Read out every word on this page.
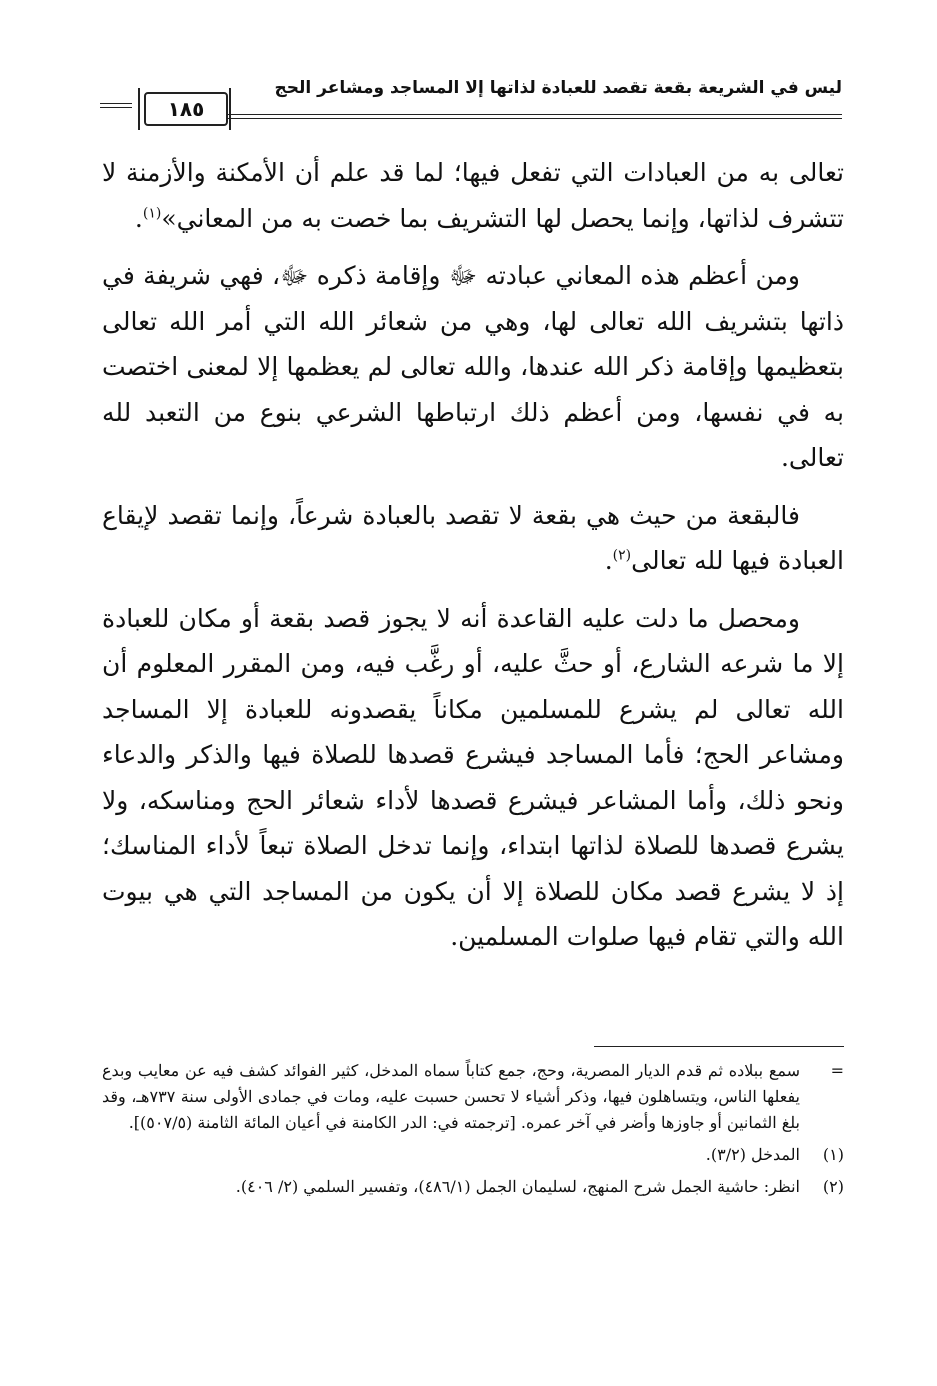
ليس في الشريعة بقعة تقصد للعبادة لذاتها إلا المساجد ومشاعر الحج
١٨٥

تعالى به من العبادات التي تفعل فيها؛ لما قد علم أن الأمكنة والأزمنة لا تتشرف لذاتها، وإنما يحصل لها التشريف بما خصت به من المعاني»$^{(١)}$.

ومن أعظم هذه المعاني عبادته ﷻ وإقامة ذكره ﷻ، فهي شريفة في ذاتها بتشريف الله تعالى لها، وهي من شعائر الله التي أمر الله تعالى بتعظيمها وإقامة ذكر الله عندها، والله تعالى لم يعظمها إلا لمعنى اختصت به في نفسها، ومن أعظم ذلك ارتباطها الشرعي بنوع من التعبد لله تعالى.

فالبقعة من حيث هي بقعة لا تقصد بالعبادة شرعاً، وإنما تقصد لإيقاع العبادة فيها لله تعالى$^{(٢)}$.

ومحصل ما دلت عليه القاعدة أنه لا يجوز قصد بقعة أو مكان للعبادة إلا ما شرعه الشارع، أو حثَّ عليه، أو رغَّب فيه، ومن المقرر المعلوم أن الله تعالى لم يشرع للمسلمين مكاناً يقصدونه للعبادة إلا المساجد ومشاعر الحج؛ فأما المساجد فيشرع قصدها للصلاة فيها والذكر والدعاء ونحو ذلك، وأما المشاعر فيشرع قصدها لأداء شعائر الحج ومناسكه، ولا يشرع قصدها للصلاة لذاتها ابتداء، وإنما تدخل الصلاة تبعاً لأداء المناسك؛ إذ لا يشرع قصد مكان للصلاة إلا أن يكون من المساجد التي هي بيوت الله والتي تقام فيها صلوات المسلمين.

=
سمع ببلاده ثم قدم الديار المصرية، وحج، جمع كتاباً سماه المدخل، كثير الفوائد كشف فيه عن معايب وبدع يفعلها الناس، ويتساهلون فيها، وذكر أشياء لا تحسن حسبت عليه، ومات في جمادى الأولى سنة ٧٣٧هـ، وقد بلغ الثمانين أو جاوزها وأضر في آخر عمره. [ترجمته في: الدر الكامنة في أعيان المائة الثامنة (٥٠٧/٥)].
(١)
المدخل (٣/٢).
(٢)
انظر: حاشية الجمل شرح المنهج، لسليمان الجمل (٤٨٦/١)، وتفسير السلمي (٢/ ٤٠٦).
